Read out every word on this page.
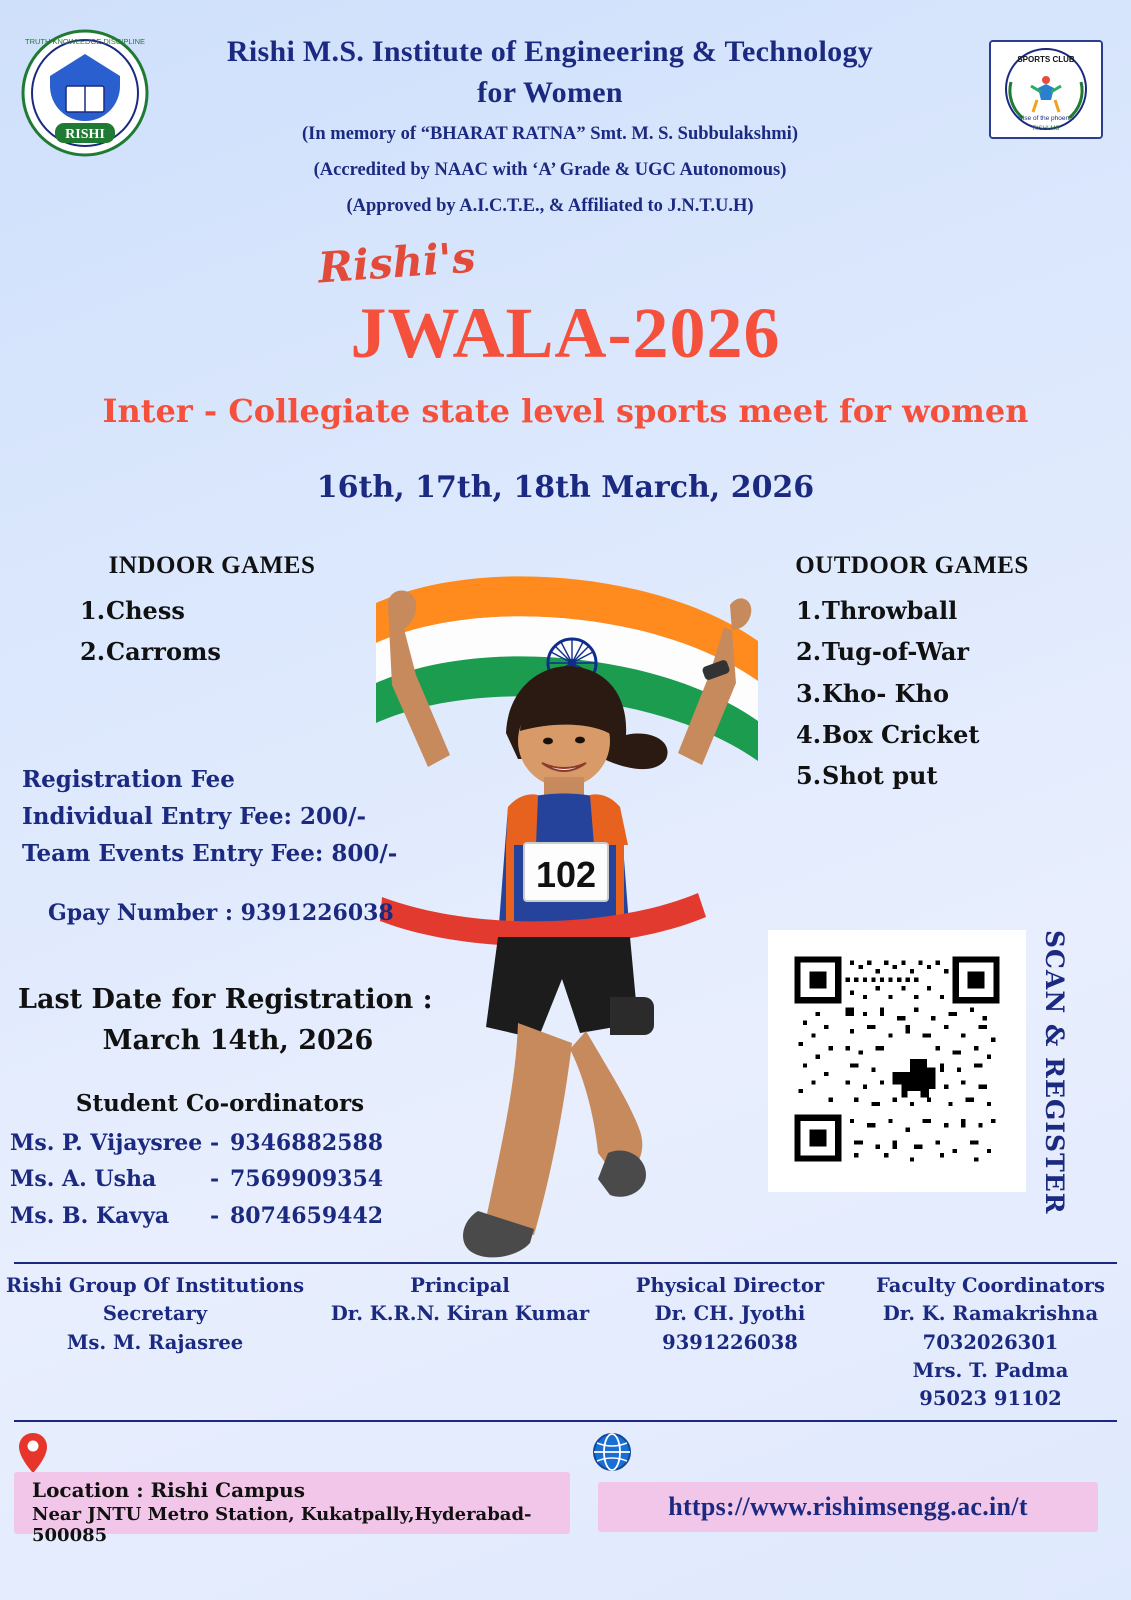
RISHI
TRUTH KNOWLEDGE DISCIPLINE
SPORTS CLUB
Rise of the phoenix
RISHI MS
Rishi M.S. Institute of Engineering & Technology
for Women
(In memory of “BHARAT RATNA” Smt. M. S. Subbulakshmi)
(Accredited by NAAC with ‘A’ Grade & UGC Autonomous)
(Approved by A.I.C.T.E., & Affiliated to J.N.T.U.H)
Rishi's
JWALA-2026
Inter - Collegiate state level sports meet for women
16th, 17th, 18th March, 2026
INDOOR GAMES
1.Chess
2.Carroms
OUTDOOR GAMES
1.Throwball
2.Tug-of-War
3.Kho- Kho
4.Box Cricket
5.Shot put
102
Registration Fee
Individual Entry Fee: 200/-
Team Events Entry Fee: 800/-
Gpay Number : 9391226038
Last Date for Registration :
March 14th, 2026
Student Co-ordinators
Ms. P. Vijaysree - 9346882588
Ms. A. Usha	- 7569909354
Ms. B. Kavya	- 8074659442
SCAN & REGISTER
Rishi Group Of Institutions
Secretary
Ms. M. Rajasree
Principal
Dr. K.R.N. Kiran Kumar
Physical Director
Dr. CH. Jyothi
9391226038
Faculty Coordinators
Dr. K. Ramakrishna
7032026301
Mrs. T. Padma
95023 91102
Location : Rishi Campus
Near JNTU Metro Station, Kukatpally,Hyderabad-500085
https://www.rishimsengg.ac.in/t
